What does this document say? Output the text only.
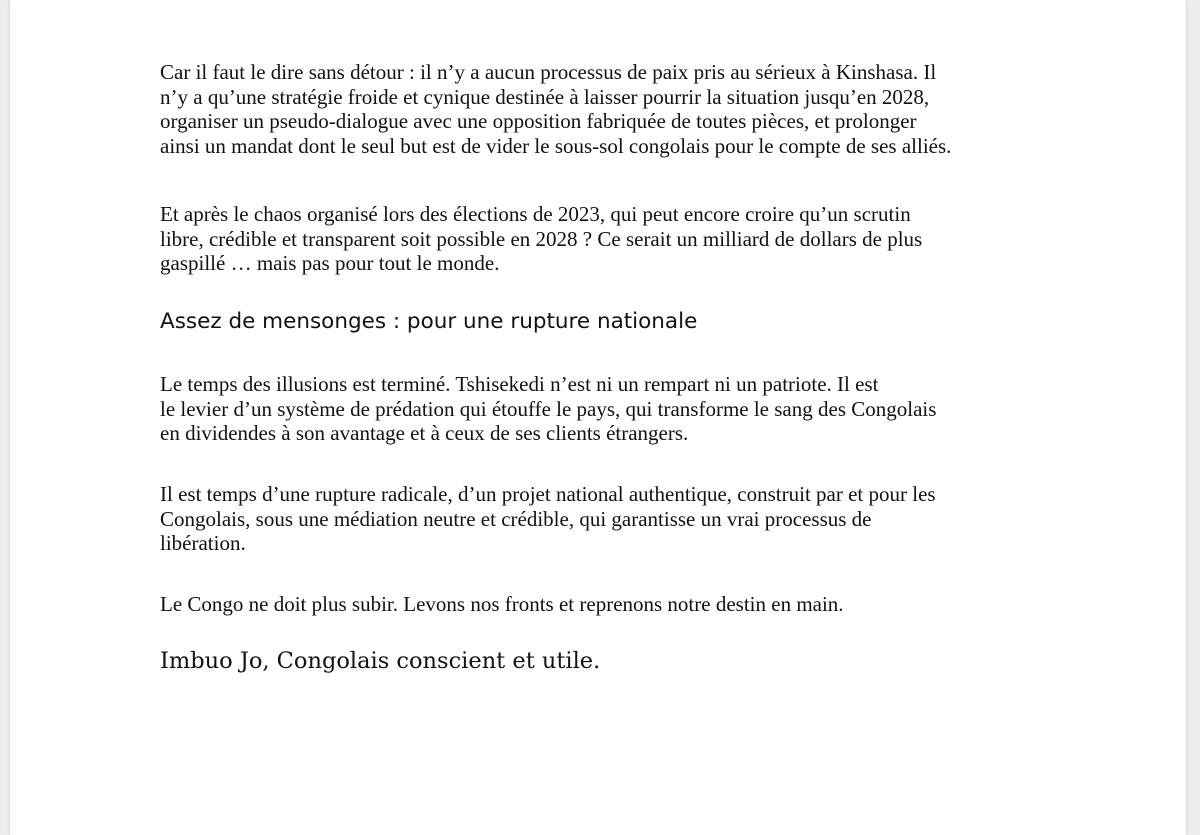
Car il faut le dire sans détour : il n’y a aucun processus de paix pris au sérieux à Kinshasa. Il
n’y a qu’une stratégie froide et cynique destinée à laisser pourrir la situation jusqu’en 2028,
organiser un pseudo-dialogue avec une opposition fabriquée de toutes pièces, et prolonger
ainsi un mandat dont le seul but est de vider le sous-sol congolais pour le compte de ses alliés.

Et après le chaos organisé lors des élections de 2023, qui peut encore croire qu’un scrutin
libre, crédible et transparent soit possible en 2028 ? Ce serait un milliard de dollars de plus
gaspillé … mais pas pour tout le monde.

Assez de mensonges : pour une rupture nationale

Le temps des illusions est terminé. Tshisekedi n’est ni un rempart ni un patriote. Il est
le levier d’un système de prédation qui étouffe le pays, qui transforme le sang des Congolais
en dividendes à son avantage et à ceux de ses clients étrangers.

Il est temps d’une rupture radicale, d’un projet national authentique, construit par et pour les
Congolais, sous une médiation neutre et crédible, qui garantisse un vrai processus de
libération.

Le Congo ne doit plus subir. Levons nos fronts et reprenons notre destin en main.

Imbuo Jo, Congolais conscient et utile.
